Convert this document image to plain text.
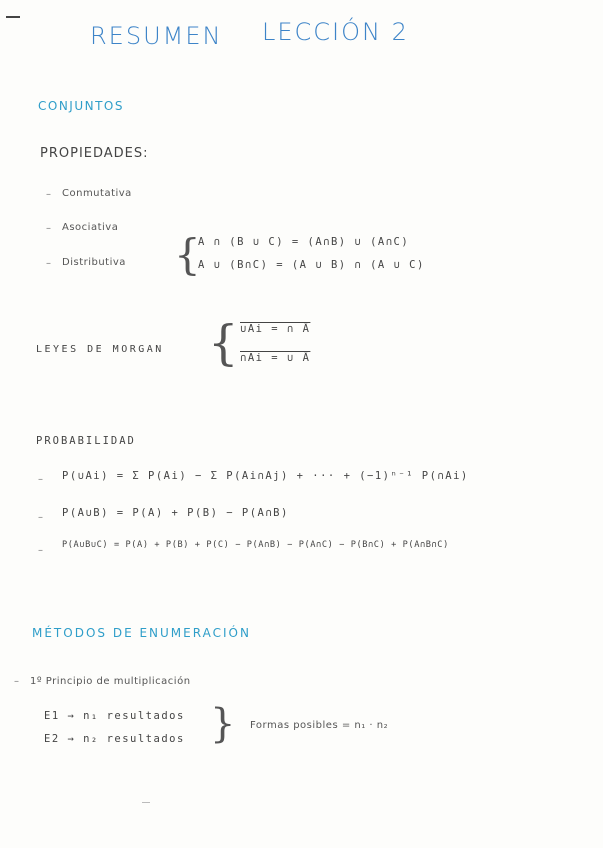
RESUMEN LECCIÓN 2
CONJUNTOS
PROPIEDADES:
– Conmutativa
– Asociativa
– Distributiva {
A ∩ (B ∪ C) = (A∩B) ∪ (A∩C)
A ∪ (B∩C) = (A ∪ B) ∩ (A ∪ C)
LEYES DE MORGAN { ∪Ai = ∩ Ā
∩Ai = ∪ Ā
PROBABILIDAD
– P(∪Ai) = Σ P(Ai) − Σ P(Ai∩Aj) + ··· + (−1)ⁿ⁻¹ P(∩Ai)
– P(A∪B) = P(A) + P(B) − P(A∩B)
– P(A∪B∪C) = P(A) + P(B) + P(C) − P(A∩B) − P(A∩C) − P(B∩C) + P(A∩B∩C)
MÉTODOS DE ENUMERACIÓN
– 1º Principio de multiplicación
E1 → n₁ resultados
E2 → n₂ resultados } Formas posibles = n₁ · n₂
